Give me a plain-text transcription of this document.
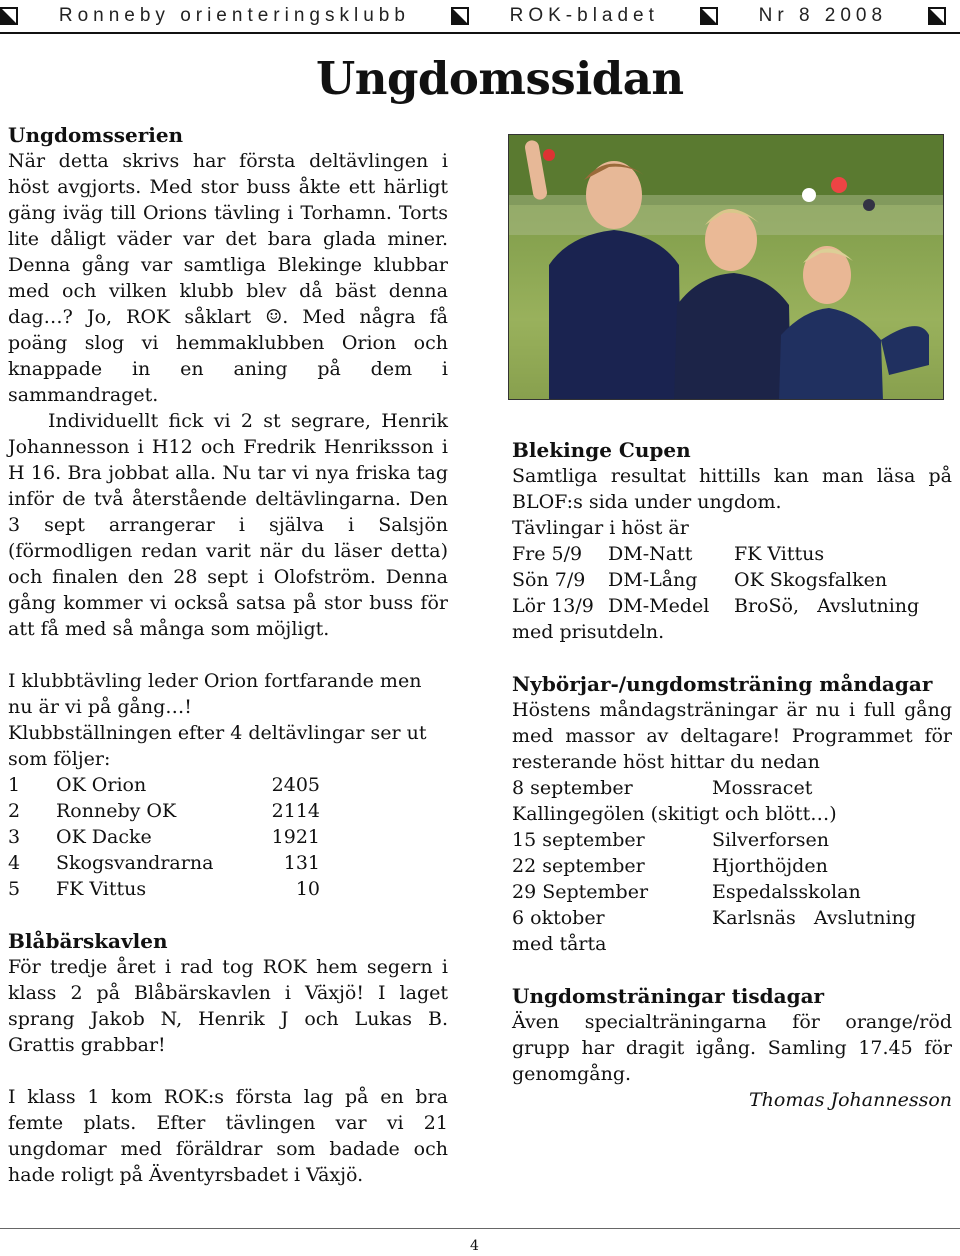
Ronneby orienteringsklubb	ROK-bladet	Nr 8 2008
Ungdomssidan
Ungdomsserien

När detta skrivs har första deltävlingen i höst avgjorts. Med stor buss åkte ett härligt gäng iväg till Orions tävling i Torhamn. Torts lite dåligt väder var det bara glada miner. Denna gång var samtliga Blekinge klubbar med och vilken klubb blev då bäst denna dag…? Jo, ROK såklart ☺. Med några få poäng slog vi hemmaklubben Orion och knappade in en aning på dem i sammandraget.

Individuellt fick vi 2 st segrare, Henrik Johannesson i H12 och Fredrik Henriksson i H 16. Bra jobbat alla. Nu tar vi nya friska tag inför de två återstående deltävlingarna. Den 3 sept arrangerar i själva i Salsjön (förmodligen redan varit när du läser detta) och finalen den 28 sept i Olofström. Denna gång kommer vi också satsa på stor buss för att få med så många som möjligt.

I klubbtävling leder Orion fortfarande men nu är vi på gång…!

Klubbställningen efter 4 deltävlingar ser ut som följer:

1	OK Orion	2405
2	Ronneby OK	2114
3	OK Dacke	1921
4	Skogsvandrarna	131
5	FK Vittus	10
Blåbärskavlen

För tredje året i rad tog ROK hem segern i klass 2 på Blåbärskavlen i Växjö! I laget sprang Jakob N, Henrik J och Lukas B. Grattis grabbar!

I klass 1 kom ROK:s första lag på en bra femte plats. Efter tävlingen var vi 21 ungdomar med föräldrar som badade och hade roligt på Äventyrsbadet i Växjö.

Blekinge Cupen

Samtliga resultat hittills kan man läsa på BLOF:s sida under ungdom.

Tävlingar i höst är

Fre 5/9	DM-Natt	FK Vittus
Sön 7/9	DM-Lång	OK Skogsfalken
Lör 13/9 DM-Medel	BroSö,   Avslutning

med prisutdeln.

Nybörjar-/ungdomsträning måndagar

Höstens måndagsträningar är nu i full gång med massor av deltagare! Programmet för resterande höst hittar du nedan

8 september	Mossracet
Kallingegölen (skitigt och blött…)
15 september	Silverforsen
22 september	Hjorthöjden
29 September	Espedalsskolan
6 oktober	Karlsnäs   Avslutning

med tårta

Ungdomsträningar tisdagar

Även specialträningarna för orange/röd grupp har dragit igång. Samling 17.45 för genomgång.

Thomas Johannesson

4
